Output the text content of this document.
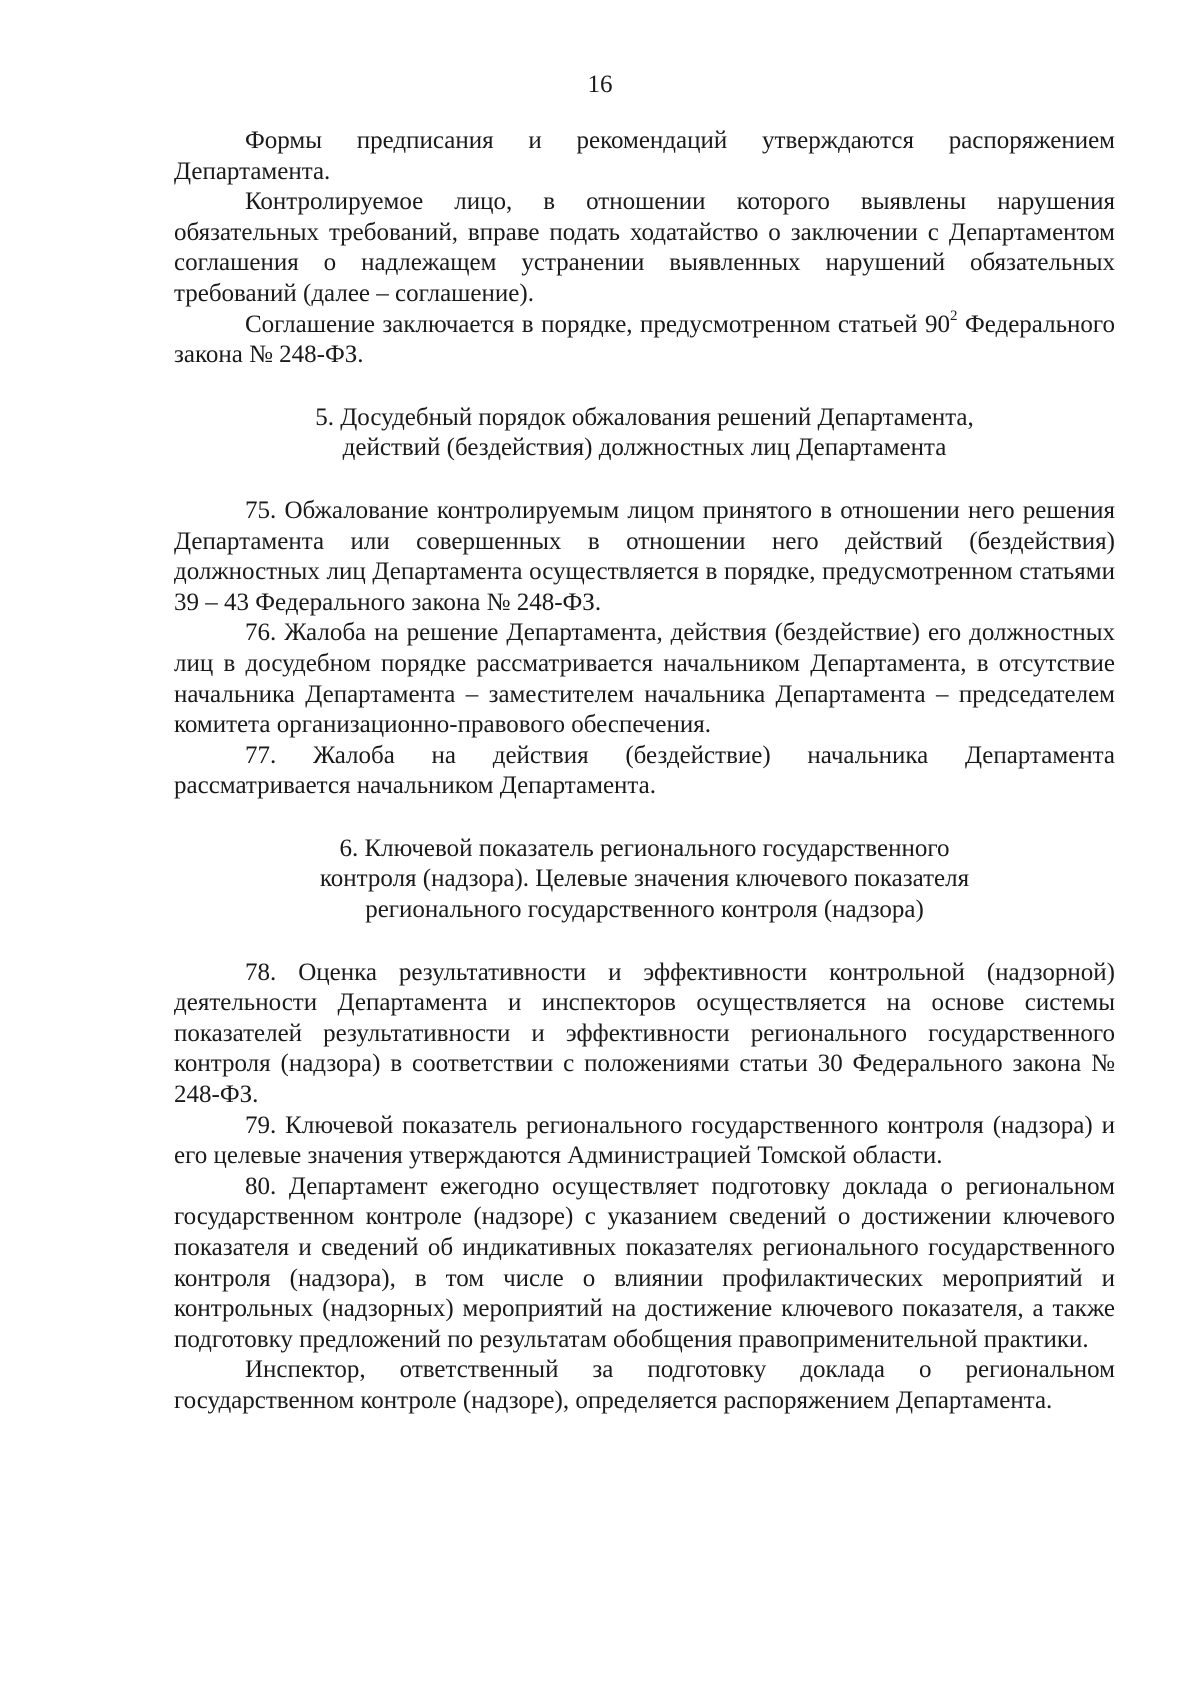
16

Формы предписания и рекомендаций утверждаются распоряжением Департамента.

Контролируемое лицо, в отношении которого выявлены нарушения обязательных требований, вправе подать ходатайство о заключении с Департаментом соглашения о надлежащем устранении выявленных нарушений обязательных требований (далее – соглашение).

Соглашение заключается в порядке, предусмотренном статьей $90^2$ Федерального закона № 248-ФЗ.

5. Досудебный порядок обжалования решений Департамента,
действий (бездействия) должностных лиц Департамента

75. Обжалование контролируемым лицом принятого в отношении него решения Департамента или совершенных в отношении него действий (бездействия) должностных лиц Департамента осуществляется в порядке, предусмотренном статьями 39 – 43 Федерального закона № 248-ФЗ.

76. Жалоба на решение Департамента, действия (бездействие) его должностных лиц в досудебном порядке рассматривается начальником Департамента, в отсутствие начальника Департамента – заместителем начальника Департамента – председателем комитета организационно-правового обеспечения.

77. Жалоба на действия (бездействие) начальника Департамента рассматривается начальником Департамента.

6. Ключевой показатель регионального государственного
контроля (надзора). Целевые значения ключевого показателя
регионального государственного контроля (надзора)

78. Оценка результативности и эффективности контрольной (надзорной) деятельности Департамента и инспекторов осуществляется на основе системы показателей результативности и эффективности регионального государственного контроля (надзора) в соответствии с положениями статьи 30 Федерального закона № 248-ФЗ.

79. Ключевой показатель регионального государственного контроля (надзора) и его целевые значения утверждаются Администрацией Томской области.

80. Департамент ежегодно осуществляет подготовку доклада о региональном государственном контроле (надзоре) с указанием сведений о достижении ключевого показателя и сведений об индикативных показателях регионального государственного контроля (надзора), в том числе о влиянии профилактических мероприятий и контрольных (надзорных) мероприятий на достижение ключевого показателя, а также подготовку предложений по результатам обобщения правоприменительной практики.

Инспектор, ответственный за подготовку доклада о региональном государственном контроле (надзоре), определяется распоряжением Департамента.
